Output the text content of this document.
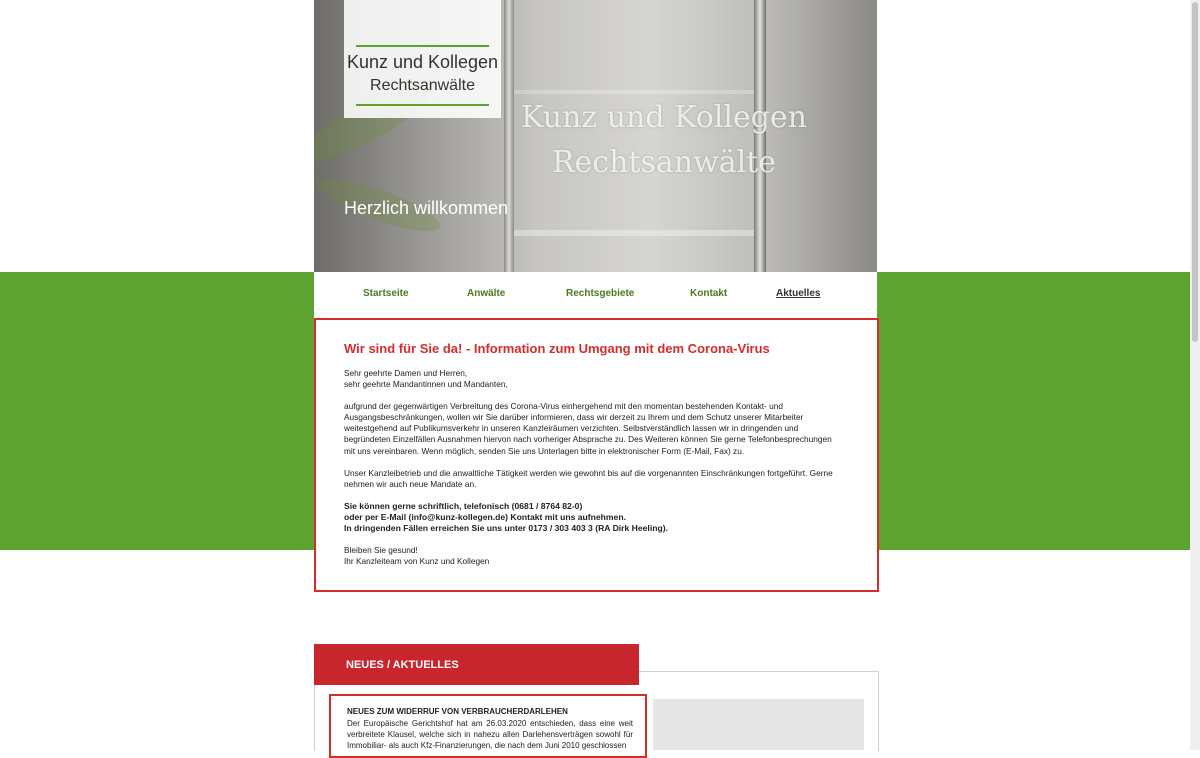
Kunz und Kollegen
Rechtsanwälte
Kunz und Kollegen
Rechtsanwälte
Herzlich willkommen
Startseite	Anwälte	Rechtsgebiete	Kontakt	Aktuelles
Wir sind für Sie da! - Information zum Umgang mit dem Corona-Virus

Sehr geehrte Damen und Herren,

sehr geehrte Mandantinnen und Mandanten,

aufgrund der gegenwärtigen Verbreitung des Corona-Virus einhergehend mit den momentan bestehenden Kontakt- und Ausgangsbeschränkungen, wollen wir Sie darüber informieren, dass wir derzeit zu Ihrem und dem Schutz unserer Mitarbeiter weitestgehend auf Publikumsverkehr in unseren Kanzleiräumen verzichten. Selbstverständlich lassen wir in dringenden und begründeten Einzelfällen Ausnahmen hiervon nach vorheriger Absprache zu. Des Weiteren können Sie gerne Telefonbesprechungen mit uns vereinbaren. Wenn möglich, senden Sie uns Unterlagen bitte in elektronischer Form (E-Mail, Fax) zu.

Unser Kanzleibetrieb und die anwaltliche Tätigkeit werden wie gewohnt bis auf die vorgenannten Einschränkungen fortgeführt. Gerne nehmen wir auch neue Mandate an.

Sie können gerne schriftlich, telefonisch (0681 / 8764 82-0)

oder per E-Mail (info@kunz-kollegen.de) Kontakt mit uns aufnehmen.

In dringenden Fällen erreichen Sie uns unter 0173 / 303 403 3 (RA Dirk Heeling).

Bleiben Sie gesund!

Ihr Kanzleiteam von Kunz und Kollegen

NEUES / AKTUELLES
NEUES ZUM WIDERRUF VON VERBRAUCHERDARLEHEN
Der Europäische Gerichtshof hat am 26.03.2020 entschieden, dass eine weit verbreitete Klausel, welche sich in nahezu allen Darlehensverträgen sowohl für Immobiliar- als auch Kfz-Finanzierungen, die nach dem Juni 2010 geschlossen
